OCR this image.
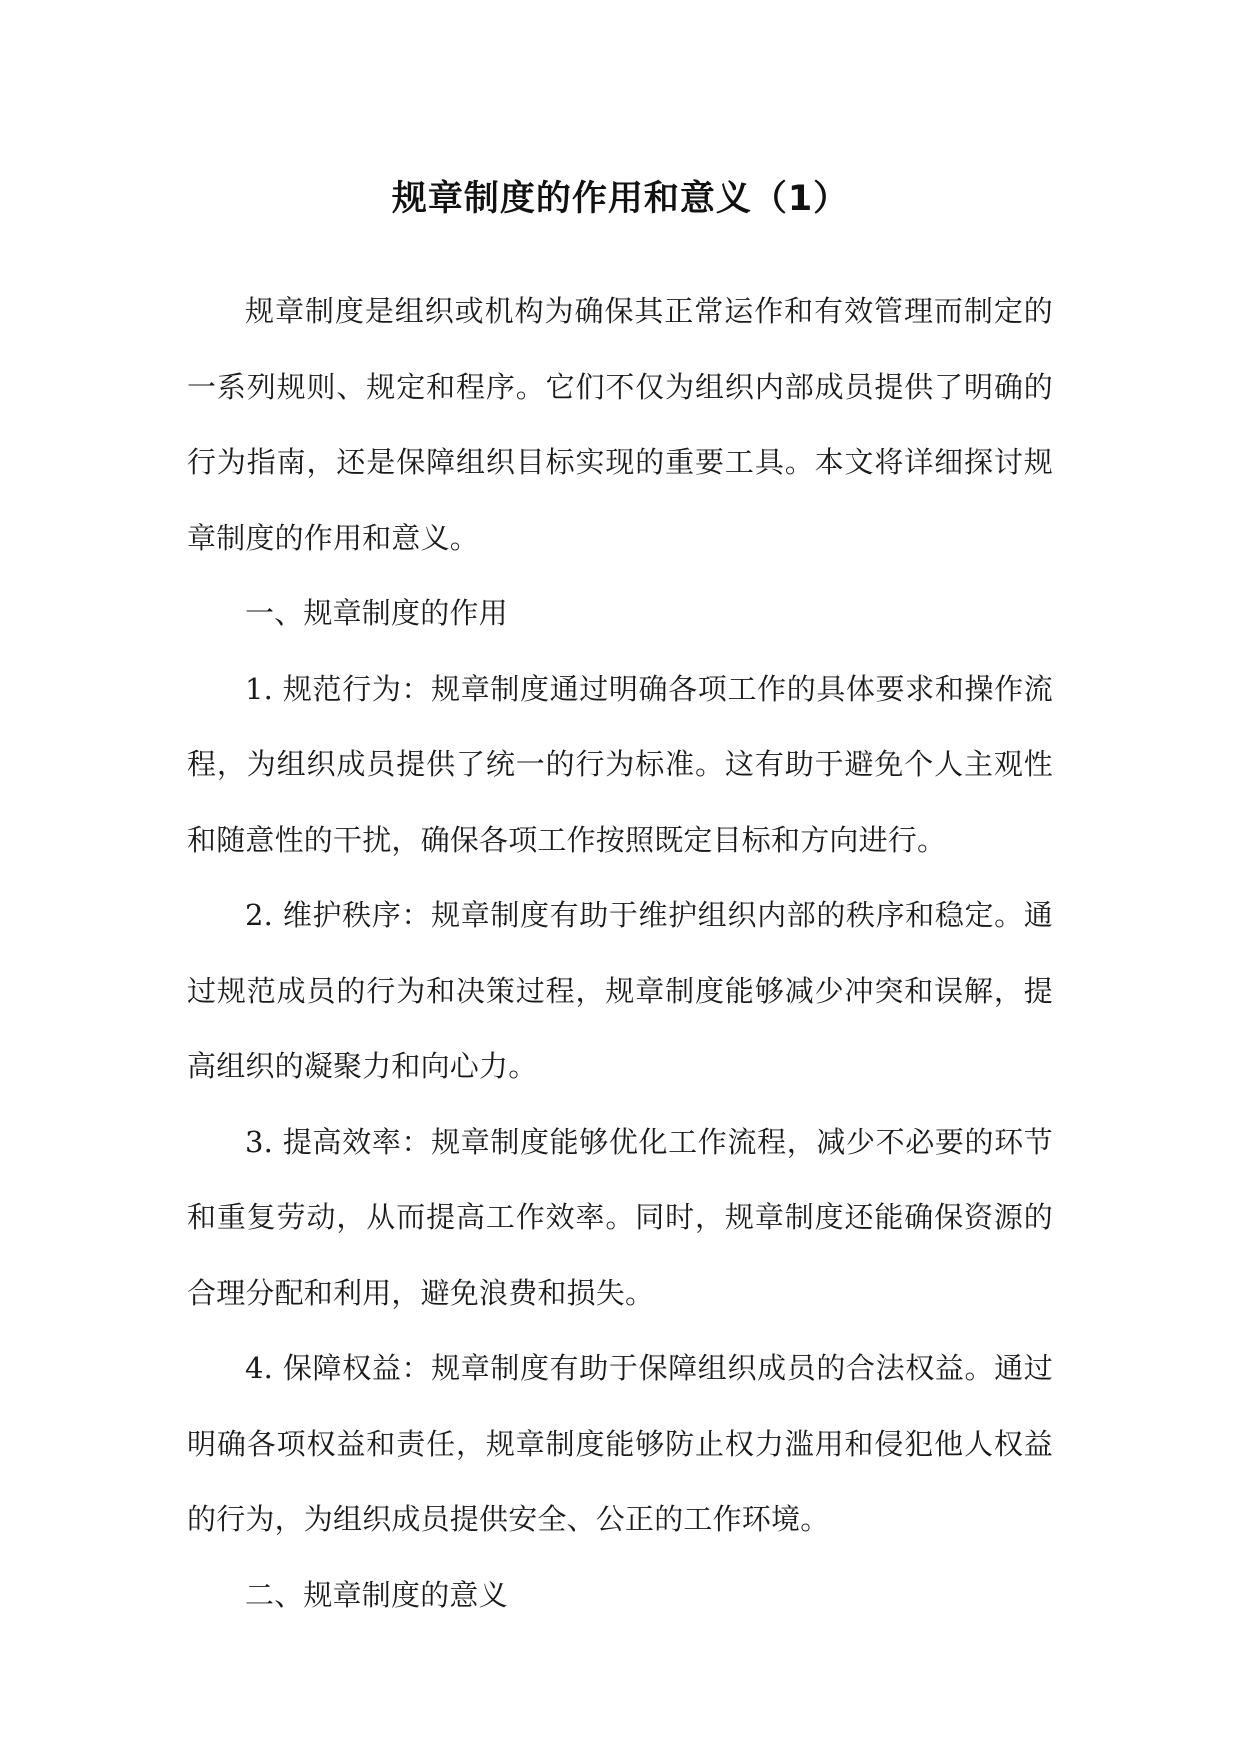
规章制度的作用和意义（1）

规章制度是组织或机构为确保其正常运作和有效管理而制定的一系列规则、规定和程序。它们不仅为组织内部成员提供了明确的行为指南，还是保障组织目标实现的重要工具。本文将详细探讨规章制度的作用和意义。

一、规章制度的作用

1. 规范行为：规章制度通过明确各项工作的具体要求和操作流程，为组织成员提供了统一的行为标准。这有助于避免个人主观性和随意性的干扰，确保各项工作按照既定目标和方向进行。

2. 维护秩序：规章制度有助于维护组织内部的秩序和稳定。通过规范成员的行为和决策过程，规章制度能够减少冲突和误解，提高组织的凝聚力和向心力。

3. 提高效率：规章制度能够优化工作流程，减少不必要的环节和重复劳动，从而提高工作效率。同时，规章制度还能确保资源的合理分配和利用，避免浪费和损失。

4. 保障权益：规章制度有助于保障组织成员的合法权益。通过明确各项权益和责任，规章制度能够防止权力滥用和侵犯他人权益的行为，为组织成员提供安全、公正的工作环境。

二、规章制度的意义
